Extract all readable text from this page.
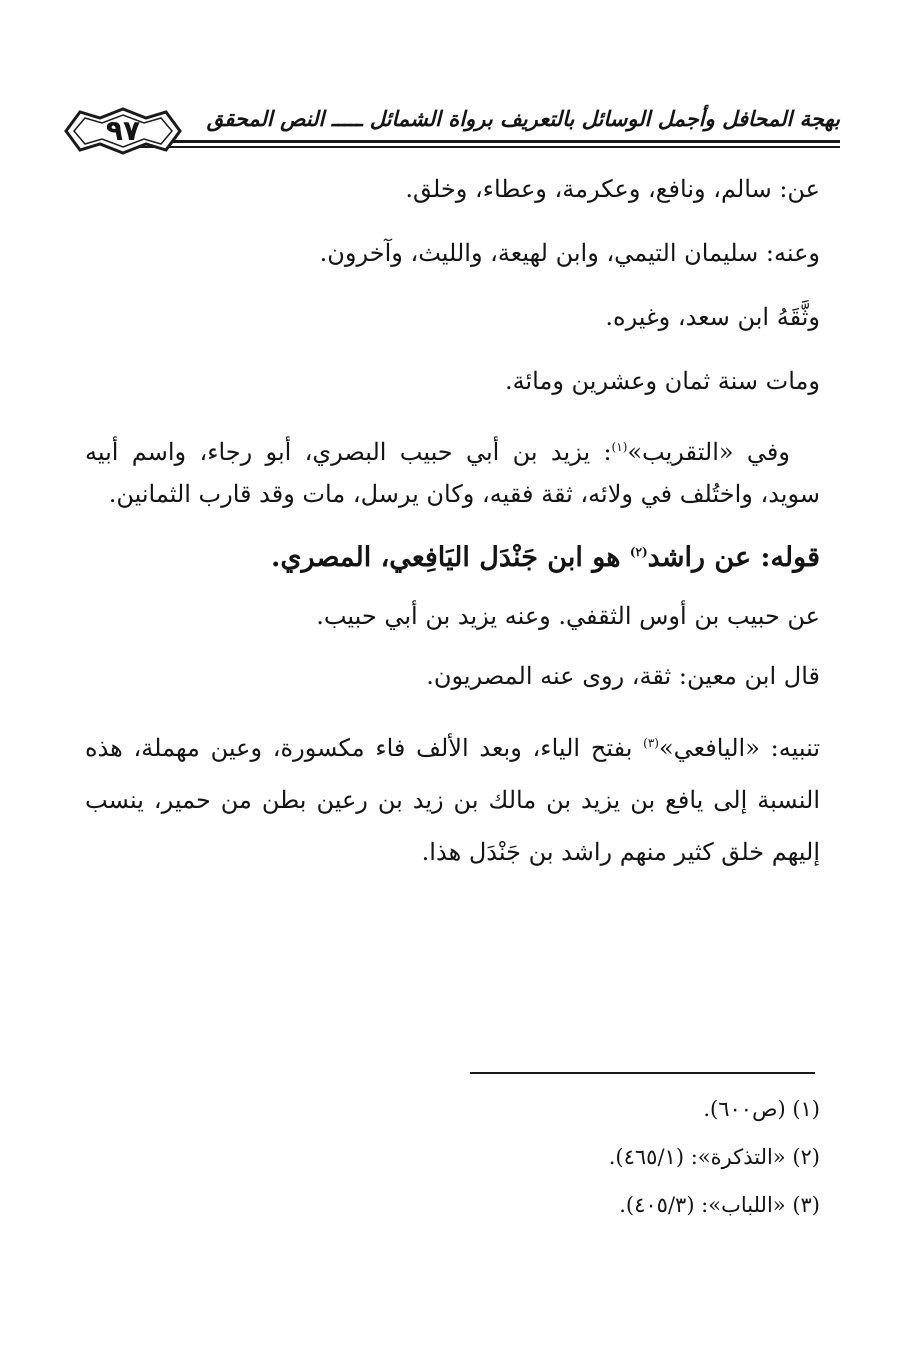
بهجة المحافل وأجمل الوسائل بالتعريف برواة الشمائل ـــــ النص المحقق
٩٧

عن: سالم، ونافع، وعكرمة، وعطاء، وخلق.

وعنه: سليمان التيمي، وابن لهيعة، والليث، وآخرون.

وثَّقَهُ ابن سعد، وغيره.

ومات سنة ثمان وعشرين ومائة.

وفي «التقريب»$^{(١)}$: يزيد بن أبي حبيب البصري، أبو رجاء، واسم أبيه سويد، واختُلف في ولائه، ثقة فقيه، وكان يرسل، مات وقد قارب الثمانين.

قوله: عن راشد$^{(٢)}$ هو ابن جَنْدَل اليَافِعي، المصري.

عن حبيب بن أوس الثقفي. وعنه يزيد بن أبي حبيب.

قال ابن معين: ثقة، روى عنه المصريون.

تنبيه: «اليافعي»$^{(٣)}$ بفتح الياء، وبعد الألف فاء مكسورة، وعين مهملة، هذه النسبة إلى يافع بن يزيد بن مالك بن زيد بن رعين بطن من حمير، ينسب إليهم خلق كثير منهم راشد بن جَنْدَل هذا.

(١) (ص٦٠٠).

(٢) «التذكرة»: (٤٦٥/١).

(٣) «اللباب»: (٤٠٥/٣).
